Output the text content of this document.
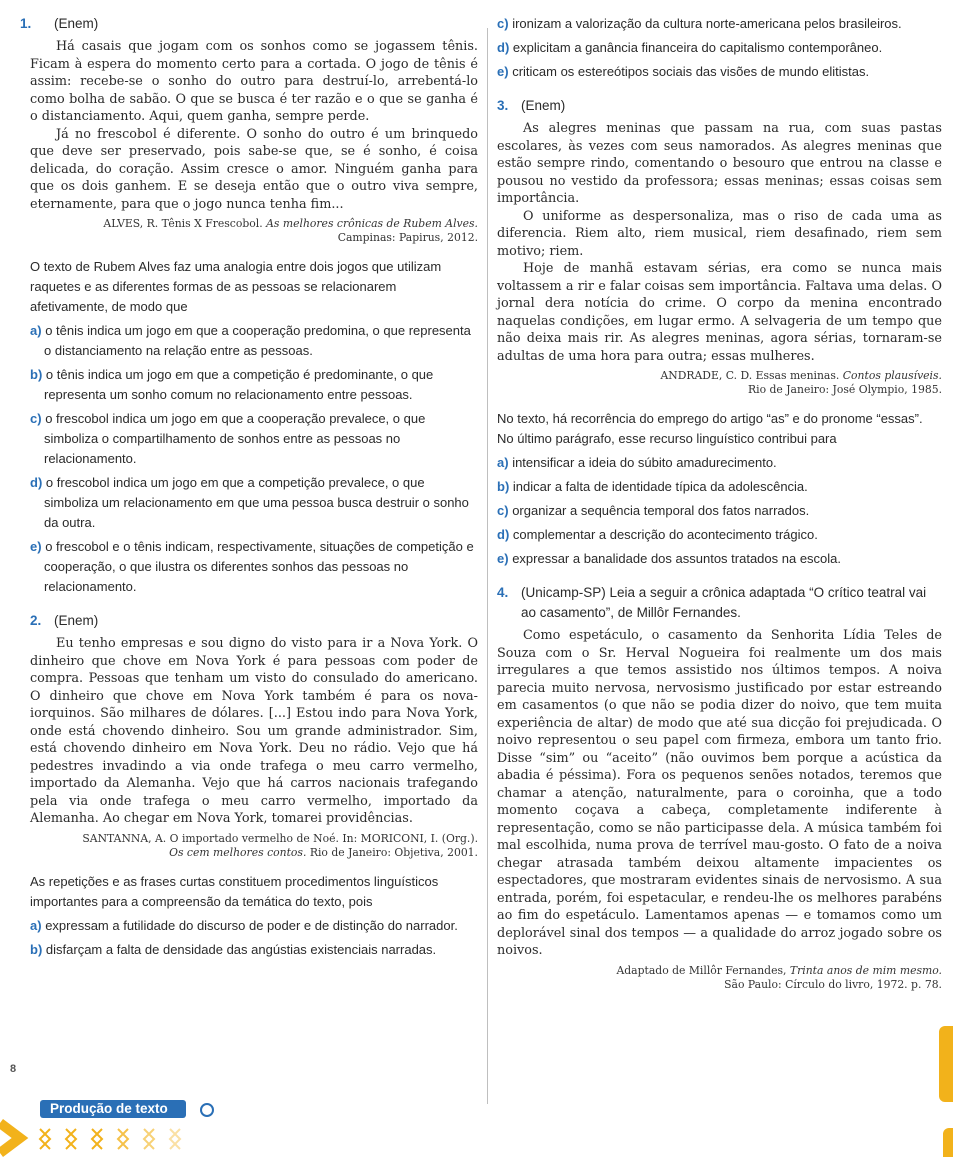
1.	(Enem)

Há casais que jogam com os sonhos como se jogassem tênis. Ficam à espera do momento certo para a cortada. O jogo de tênis é assim: recebe-se o sonho do outro para destruí-lo, arrebentá-lo como bolha de sabão. O que se busca é ter razão e o que se ganha é o distanciamento. Aqui, quem ganha, sempre perde.

Já no frescobol é diferente. O sonho do outro é um brinquedo que deve ser preservado, pois sabe-se que, se é sonho, é coisa delicada, do coração. Assim cresce o amor. Ninguém ganha para que os dois ganhem. E se deseja então que o outro viva sempre, eternamente, para que o jogo nunca tenha fim...

ALVES, R. Tênis X Frescobol. As melhores crônicas de Rubem Alves.
Campinas: Papirus, 2012.
O texto de Rubem Alves faz uma analogia entre dois jogos que utilizam raquetes e as diferentes formas de as pessoas se relacionarem afetivamente, de modo que
a) o tênis indica um jogo em que a cooperação predomina, o que representa o distanciamento na relação entre as pessoas.
b) o tênis indica um jogo em que a competição é predominante, o que representa um sonho comum no relacionamento entre pessoas.
c) o frescobol indica um jogo em que a cooperação prevalece, o que simboliza o compartilhamento de sonhos entre as pessoas no relacionamento.
d) o frescobol indica um jogo em que a competição prevalece, o que simboliza um relacionamento em que uma pessoa busca destruir o sonho da outra.
e) o frescobol e o tênis indicam, respectivamente, situações de competição e cooperação, o que ilustra os diferentes sonhos das pessoas no relacionamento.
2. (Enem)

Eu tenho empresas e sou digno do visto para ir a Nova York. O dinheiro que chove em Nova York é para pessoas com poder de compra. Pessoas que tenham um visto do consulado do americano. O dinheiro que chove em Nova York também é para os nova-iorquinos. São milhares de dólares. [...] Estou indo para Nova York, onde está chovendo dinheiro. Sou um grande administrador. Sim, está chovendo dinheiro em Nova York. Deu no rádio. Vejo que há pedestres invadindo a via onde trafega o meu carro vermelho, importado da Alemanha. Vejo que há carros nacionais trafegando pela via onde trafega o meu carro vermelho, importado da Alemanha. Ao chegar em Nova York, tomarei providências.

SANTANNA, A. O importado vermelho de Noé. In: MORICONI, I. (Org.).
Os cem melhores contos. Rio de Janeiro: Objetiva, 2001.
As repetições e as frases curtas constituem procedimentos linguísticos importantes para a compreensão da temática do texto, pois
a) expressam a futilidade do discurso de poder e de distinção do narrador.
b) disfarçam a falta de densidade das angústias existenciais narradas.
c) ironizam a valorização da cultura norte-americana pelos brasileiros.
d) explicitam a ganância financeira do capitalismo contemporâneo.
e) criticam os estereótipos sociais das visões de mundo elitistas.
3. (Enem)

As alegres meninas que passam na rua, com suas pastas escolares, às vezes com seus namorados. As alegres meninas que estão sempre rindo, comentando o besouro que entrou na classe e pousou no vestido da professora; essas meninas; essas coisas sem importância.

O uniforme as despersonaliza, mas o riso de cada uma as diferencia. Riem alto, riem musical, riem desafinado, riem sem motivo; riem.

Hoje de manhã estavam sérias, era como se nunca mais voltassem a rir e falar coisas sem importância. Faltava uma delas. O jornal dera notícia do crime. O corpo da menina encontrado naquelas condições, em lugar ermo. A selvageria de um tempo que não deixa mais rir. As alegres meninas, agora sérias, tornaram-se adultas de uma hora para outra; essas mulheres.

ANDRADE, C. D. Essas meninas. Contos plausíveis.
Rio de Janeiro: José Olympio, 1985.
No texto, há recorrência do emprego do artigo “as” e do pronome “essas”. No último parágrafo, esse recurso linguístico contribui para
a) intensificar a ideia do súbito amadurecimento.
b) indicar a falta de identidade típica da adolescência.
c) organizar a sequência temporal dos fatos narrados.
d) complementar a descrição do acontecimento trágico.
e) expressar a banalidade dos assuntos tratados na escola.
4. (Unicamp-SP) Leia a seguir a crônica adaptada “O crítico teatral vai ao casamento”, de Millôr Fernandes.

Como espetáculo, o casamento da Senhorita Lídia Teles de Souza com o Sr. Herval Nogueira foi realmente um dos mais irregulares a que temos assistido nos últimos tempos. A noiva parecia muito nervosa, nervosismo justificado por estar estreando em casamentos (o que não se podia dizer do noivo, que tem muita experiência de altar) de modo que até sua dicção foi prejudicada. O noivo representou o seu papel com firmeza, embora um tanto frio. Disse “sim” ou “aceito” (não ouvimos bem porque a acústica da abadia é péssima). Fora os pequenos senões notados, teremos que chamar a atenção, naturalmente, para o coroinha, que a todo momento coçava a cabeça, completamente indiferente à representação, como se não participasse dela. A música também foi mal escolhida, numa prova de terrível mau-gosto. O fato de a noiva chegar atrasada também deixou altamente impacientes os espectadores, que mostraram evidentes sinais de nervosismo. A sua entrada, porém, foi espetacular, e rendeu-lhe os melhores parabéns ao fim do espetáculo. Lamentamos apenas — e tomamos como um deplorável sinal dos tempos — a qualidade do arroz jogado sobre os noivos.

Adaptado de Millôr Fernandes, Trinta anos de mim mesmo.
São Paulo: Círculo do livro, 1972. p. 78.
8
Produção de texto
